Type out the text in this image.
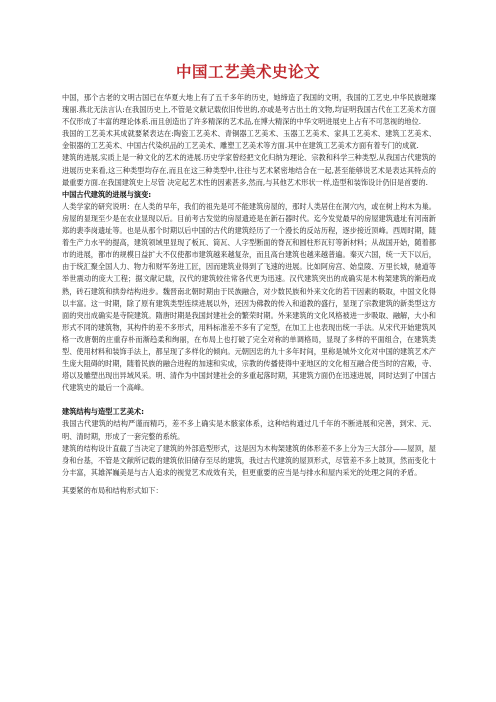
中国工艺美术史论文

中国，那个古老的文明古国已在华夏大地上有了五千多年的历史，她缔造了我国的文明，我国的工艺史,中华民族璀璨瑰丽.燕北无法言认:在我国历史上,不管是文献记载依旧传世的,亦或是考古出土的文物,均证明我国古代在工艺美术方面不仅形成了丰富的理论体系.而且创造出了许多精深的艺术品,在博大精深的中华文明进展史上占有不可忽视的地位.

我国的工艺美术其成就要紧表达在:陶瓷工艺美术、青铜器工艺美术、玉器工艺美术、家具工艺美术、建筑工艺美术、金银器的工艺美术、中国古代染织品的工艺美术、雕塑工艺美术等方面.其中在建筑工艺美术方面有着专门的成就.

建筑的进展,实质上是一种文化的艺术的进展.历史学家曾经把文化归纳为理论、宗教和科学三种类型,从我国古代建筑的进展历史来看,这三种类型均存在,而且在这三种类型中,往往与艺术紧密地结合在一起,甚至能够说艺术是表达其特点的最重要方面.在我国建筑史上尽管 决定起艺术性的因素甚多,然而,与其他艺术形状一样,造型和装饰设计仍旧是首要的.

中国古代建筑的进展与演变:

人类学家的研究说明：在人类的早年，我们的祖先是可不能建筑房屋的，那时人类居住在洞穴内，或在树上构木为巢。房屋的显现至少是在农业显现以后。目前考古发觉的房屋遗迹是在新石器时代。迄今发觉最早的房屋建筑遗址有河南新郑的裴李岗遗址等。也是从那个时期以后中国的古代的建筑经历了一个漫长的反站历程，逐步接近顶峰。西周时期，随着生产力水平的提高，建筑领域里显现了板瓦、筒瓦、人字型断面的脊瓦和圆柱形瓦钉等新材料；从战国开始，随着都市的进展，都市的规模日益扩大不仅使都市建筑越来越复杂，而且高台建筑也越来越普遍。秦灭六国，统一天下以后，由于统汇聚全国人力、物力和财军务进工匠，因而建筑业得到了飞速的进展。比如阿房宫、始皇陵、万里长城，驰道等举世震动的庞大工程；据文献记载，汉代的建筑较往常各代更为迅速。汉代建筑突出的成确实是木构架建筑的渐趋成熟，砖石建筑和拱券结构进步。魏晋南北朝时期由于民族融合，对少数民族和外来文化的若干因素的吸取，中国文化得以丰富。这一时期，除了原有建筑类型连续进展以外，还因为佛教的传入和道教的盛行，显现了宗教建筑的新类型这方面的突出成确实是寺院建筑。隋唐时期是我国封建社会的繁荣时期。外来建筑的文化风格被进一步吸取、融解，大小和形式不同的建筑物，其构件的差不多形式，用料标准差不多有了定型，在加工上也表现出统一手法。从宋代开始建筑风格一改唐朝的庄重存朴而渐趋柔和绚丽，在布局上也打破了完全对称的单调格局，显现了多样的平面组合，在建筑类型、使用材料和装饰手法上，都呈现了多样化的倾向。元朝因忠的九十多年时间，里称是城外文化对中国的建筑艺术产生庞大阻碍的时期，随着民族的融合进程的加速和实成，宗教的传播使得中亚地区的文化相互融合使当时的宫殿，寺、塔以及雕塑出现出异域风采。明、清作为中国封建社会的多重起落时期，其建筑方面仍在迅速进展，同时达到了中国古代建筑史的最后一个高峰。

建筑结构与造型工艺美术:

我国古代建筑的结构严谨而精巧，差不多上确实是木骸家体系，这种结构通过几千年的不断进展和完善，到宋、元、明、清时期，形成了一套完整的系统。

建筑的结构设计直截了当决定了建筑的外部造型形式，这是因为木构架建筑的体形差不多上分为三大部分——屋顶，屋身和台基，不管是文献所记载的建筑依旧储存至尽的建筑，我过古代建筑的屋顶形式，尽管差不多上坡顶，然而变化十分丰富，其雄浑巍美是与古人追求的视觉艺术成效有关，但更重要的应当是与排水和屋内采光的处理之间的矛盾。

其要紧的布局和结构形式如下：
